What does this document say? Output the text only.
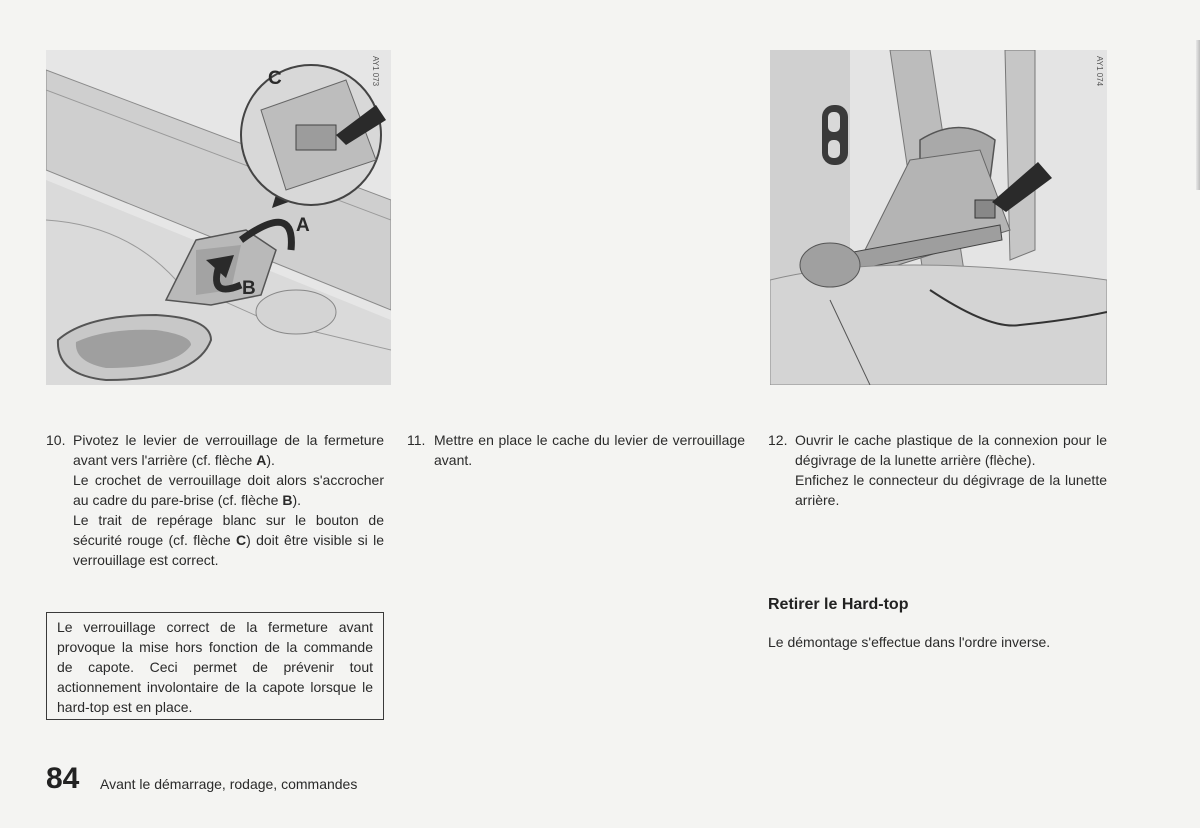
C
A
B
AY1 073	AY1 074
10. Pivotez le levier de verrouillage de la fermeture avant vers l'arrière (cf. flèche A).

Le crochet de verrouillage doit alors s'accrocher au cadre du pare-brise (cf. flèche B).

Le trait de repérage blanc sur le bouton de sécurité rouge (cf. flèche C) doit être visible si le verrouillage est correct.

11. Mettre en place le cache du levier de verrouillage avant.

12. Ouvrir le cache plastique de la connexion pour le dégivrage de la lunette arrière (flèche).

Enfichez le connecteur du dégivrage de la lunette arrière.

Le verrouillage correct de la fermeture avant provoque la mise hors fonction de la commande de capote. Ceci permet de prévenir tout actionnement involontaire de la capote lorsque le hard-top est en place.
Retirer le Hard-top
Le démontage s'effectue dans l'ordre inverse.
84 Avant le démarrage, rodage, commandes
